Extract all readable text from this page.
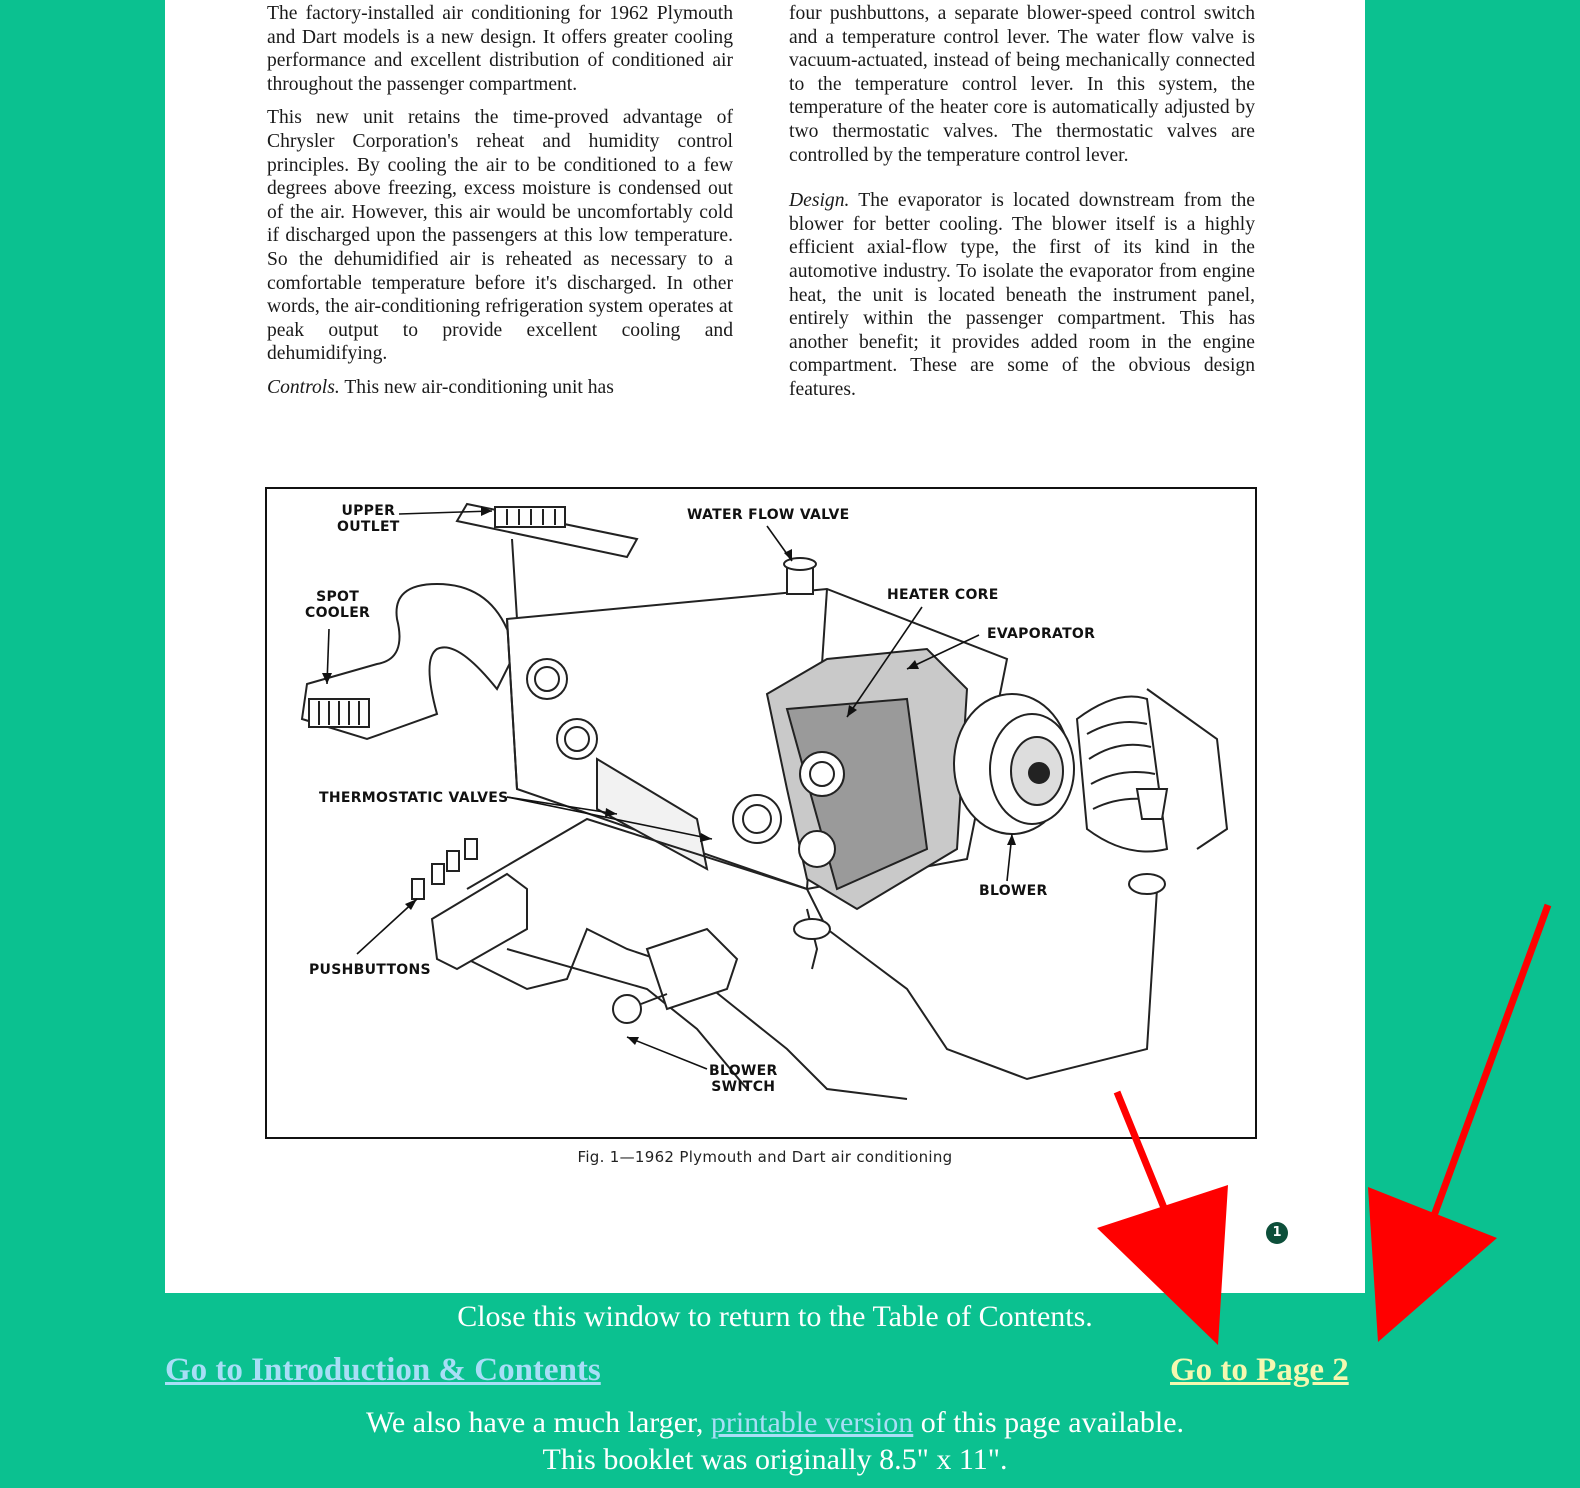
The factory-installed air conditioning for 1962 Plymouth and Dart models is a new design. It offers greater cooling performance and excellent distribution of conditioned air throughout the passenger compartment.

This new unit retains the time-proved advantage of Chrysler Corporation's reheat and humidity control principles. By cooling the air to be conditioned to a few degrees above freezing, excess moisture is condensed out of the air. However, this air would be uncomfortably cold if discharged upon the passengers at this low temperature. So the dehumidified air is reheated as necessary to a comfortable temperature before it's discharged. In other words, the air-conditioning refrigeration system operates at peak output to provide excellent cooling and dehumidifying.

Controls. This new air-conditioning unit has

four pushbuttons, a separate blower-speed control switch and a temperature control lever. The water flow valve is vacuum-actuated, instead of being mechanically connected to the temperature control lever. In this system, the temperature of the heater core is automatically adjusted by two thermostatic valves. The thermostatic valves are controlled by the temperature control lever.

Design. The evaporator is located downstream from the blower for better cooling. The blower itself is a highly efficient axial-flow type, the first of its kind in the automotive industry. To isolate the evaporator from engine heat, the unit is located beneath the instrument panel, entirely within the passenger compartment. This has another benefit; it provides added room in the engine compartment. These are some of the obvious design features.

UPPER
OUTLET
WATER FLOW VALVE
SPOT
COOLER
HEATER CORE
EVAPORATOR
THERMOSTATIC VALVES
BLOWER
PUSHBUTTONS
BLOWER
SWITCH
Fig. 1—1962 Plymouth and Dart air conditioning
1
Close this window to return to the Table of Contents.
Go to Introduction & Contents	Go to Page 2
We also have a much larger, printable version of this page available.
This booklet was originally 8.5" x 11".
